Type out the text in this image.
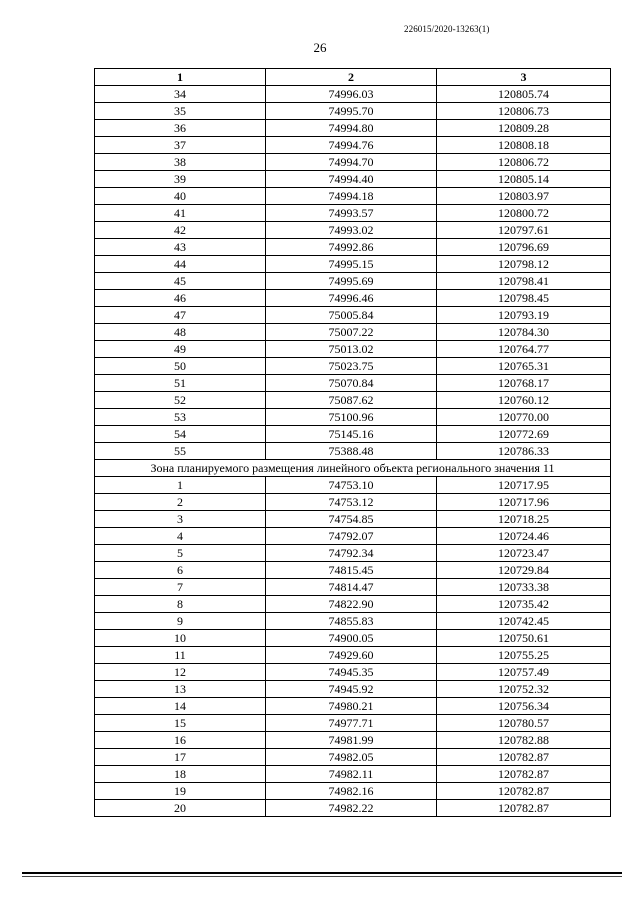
226015/2020-13263(1)
26
1	2	3
34	74996.03	120805.74
35	74995.70	120806.73
36	74994.80	120809.28
37	74994.76	120808.18
38	74994.70	120806.72
39	74994.40	120805.14
40	74994.18	120803.97
41	74993.57	120800.72
42	74993.02	120797.61
43	74992.86	120796.69
44	74995.15	120798.12
45	74995.69	120798.41
46	74996.46	120798.45
47	75005.84	120793.19
48	75007.22	120784.30
49	75013.02	120764.77
50	75023.75	120765.31
51	75070.84	120768.17
52	75087.62	120760.12
53	75100.96	120770.00
54	75145.16	120772.69
55	75388.48	120786.33
Зона планируемого размещения линейного объекта регионального значения 11		
1	74753.10	120717.95
2	74753.12	120717.96
3	74754.85	120718.25
4	74792.07	120724.46
5	74792.34	120723.47
6	74815.45	120729.84
7	74814.47	120733.38
8	74822.90	120735.42
9	74855.83	120742.45
10	74900.05	120750.61
11	74929.60	120755.25
12	74945.35	120757.49
13	74945.92	120752.32
14	74980.21	120756.34
15	74977.71	120780.57
16	74981.99	120782.88
17	74982.05	120782.87
18	74982.11	120782.87
19	74982.16	120782.87
20	74982.22	120782.87
